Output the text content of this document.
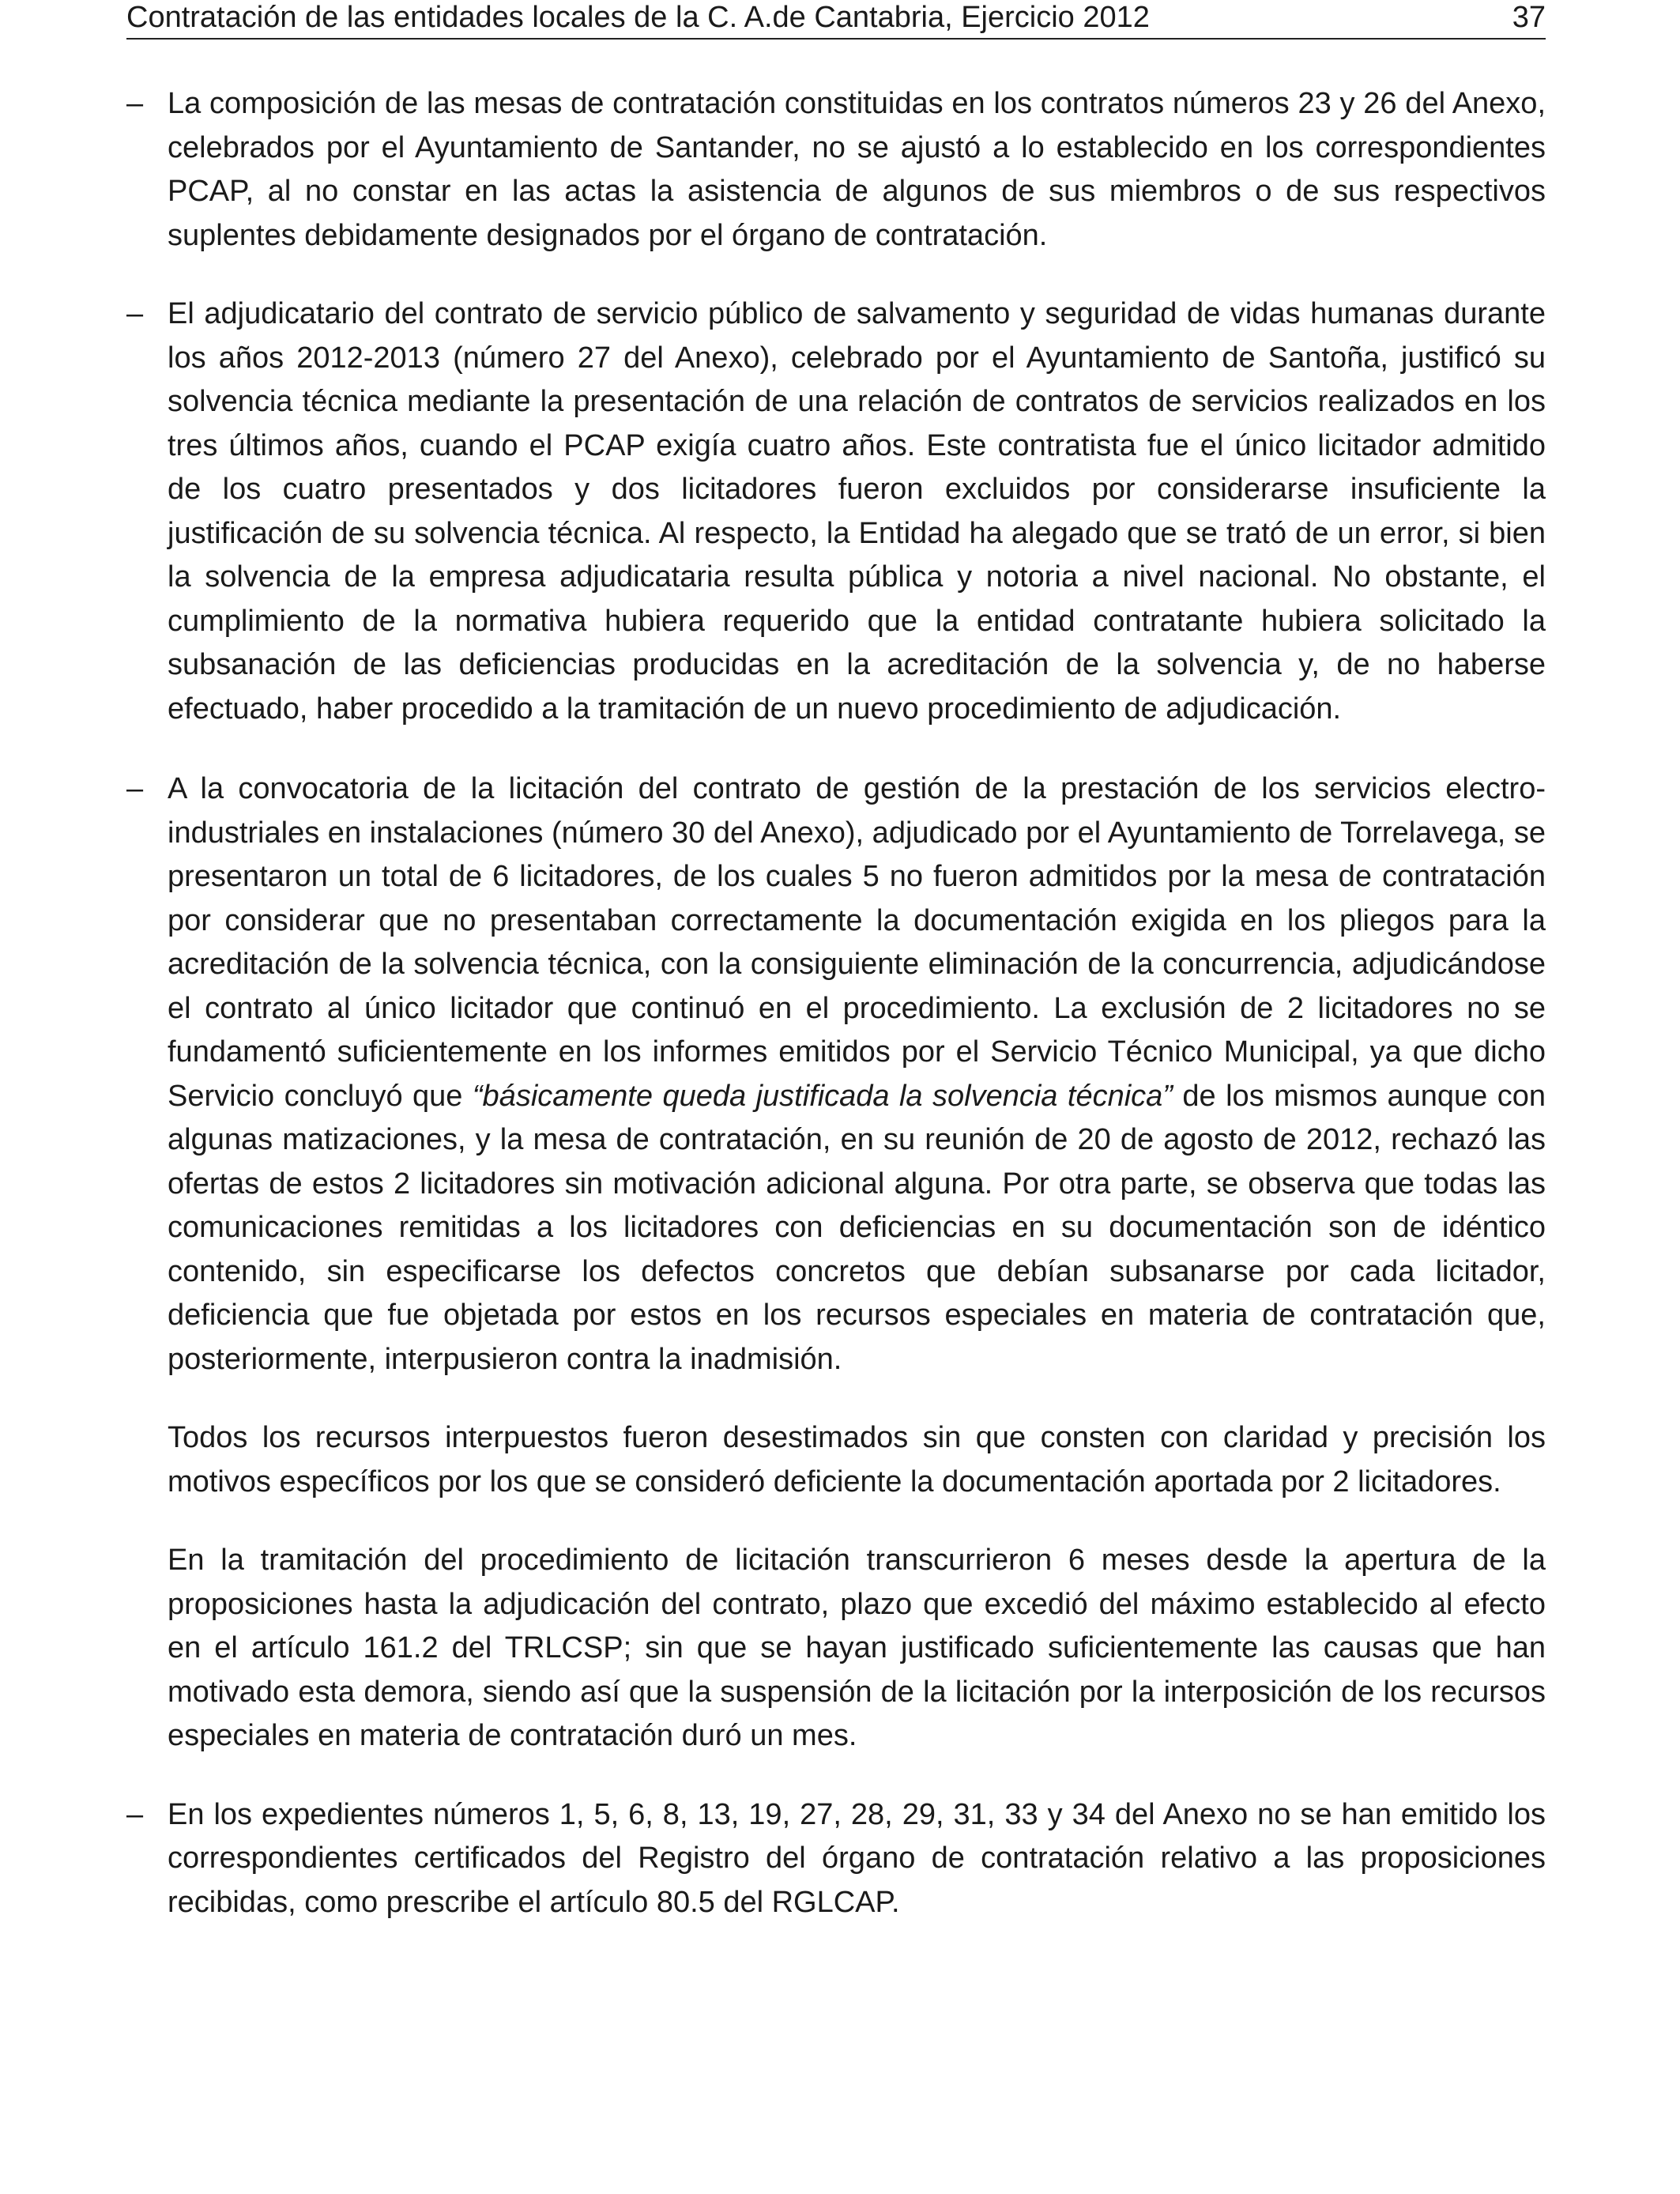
Contratación de las entidades locales de la C. A.de Cantabria, Ejercicio 2012	37
– La composición de las mesas de contratación constituidas en los contratos números 23 y 26 del Anexo, celebrados por el Ayuntamiento de Santander, no se ajustó a lo establecido en los correspondientes PCAP, al no constar en las actas la asistencia de algunos de sus miembros o de sus respectivos suplentes debidamente designados por el órgano de contratación.

– El adjudicatario del contrato de servicio público de salvamento y seguridad de vidas humanas durante los años 2012-2013 (número 27 del Anexo), celebrado por el Ayuntamiento de Santoña, justificó su solvencia técnica mediante la presentación de una relación de contratos de servicios realizados en los tres últimos años, cuando el PCAP exigía cuatro años. Este contratista fue el único licitador admitido de los cuatro presentados y dos licitadores fueron excluidos por considerarse insuficiente la justificación de su solvencia técnica. Al respecto, la Entidad ha alegado que se trató de un error, si bien la solvencia de la empresa adjudicataria resulta pública y notoria a nivel nacional. No obstante, el cumplimiento de la normativa hubiera requerido que la entidad contratante hubiera solicitado la subsanación de las deficiencias producidas en la acreditación de la solvencia y, de no haberse efectuado, haber procedido a la tramitación de un nuevo procedimiento de adjudicación.

– A la convocatoria de la licitación del contrato de gestión de la prestación de los servicios electro-industriales en instalaciones (número 30 del Anexo), adjudicado por el Ayuntamiento de Torrelavega, se presentaron un total de 6 licitadores, de los cuales 5 no fueron admitidos por la mesa de contratación por considerar que no presentaban correctamente la documentación exigida en los pliegos para la acreditación de la solvencia técnica, con la consiguiente eliminación de la concurrencia, adjudicándose el contrato al único licitador que continuó en el procedimiento. La exclusión de 2 licitadores no se fundamentó suficientemente en los informes emitidos por el Servicio Técnico Municipal, ya que dicho Servicio concluyó que “básicamente queda justificada la solvencia técnica” de los mismos aunque con algunas matizaciones, y la mesa de contratación, en su reunión de 20 de agosto de 2012, rechazó las ofertas de estos 2 licitadores sin motivación adicional alguna. Por otra parte, se observa que todas las comunicaciones remitidas a los licitadores con deficiencias en su documentación son de idéntico contenido, sin especificarse los defectos concretos que debían subsanarse por cada licitador, deficiencia que fue objetada por estos en los recursos especiales en materia de contratación que, posteriormente, interpusieron contra la inadmisión.

Todos los recursos interpuestos fueron desestimados sin que consten con claridad y precisión los motivos específicos por los que se consideró deficiente la documentación aportada por 2 licitadores.

En la tramitación del procedimiento de licitación transcurrieron 6 meses desde la apertura de la proposiciones hasta la adjudicación del contrato, plazo que excedió del máximo establecido al efecto en el artículo 161.2 del TRLCSP; sin que se hayan justificado suficientemente las causas que han motivado esta demora, siendo así que la suspensión de la licitación por la interposición de los recursos especiales en materia de contratación duró un mes.

– En los expedientes números 1, 5, 6, 8, 13, 19, 27, 28, 29, 31, 33 y 34 del Anexo no se han emitido los correspondientes certificados del Registro del órgano de contratación relativo a las proposiciones recibidas, como prescribe el artículo 80.5 del RGLCAP.
